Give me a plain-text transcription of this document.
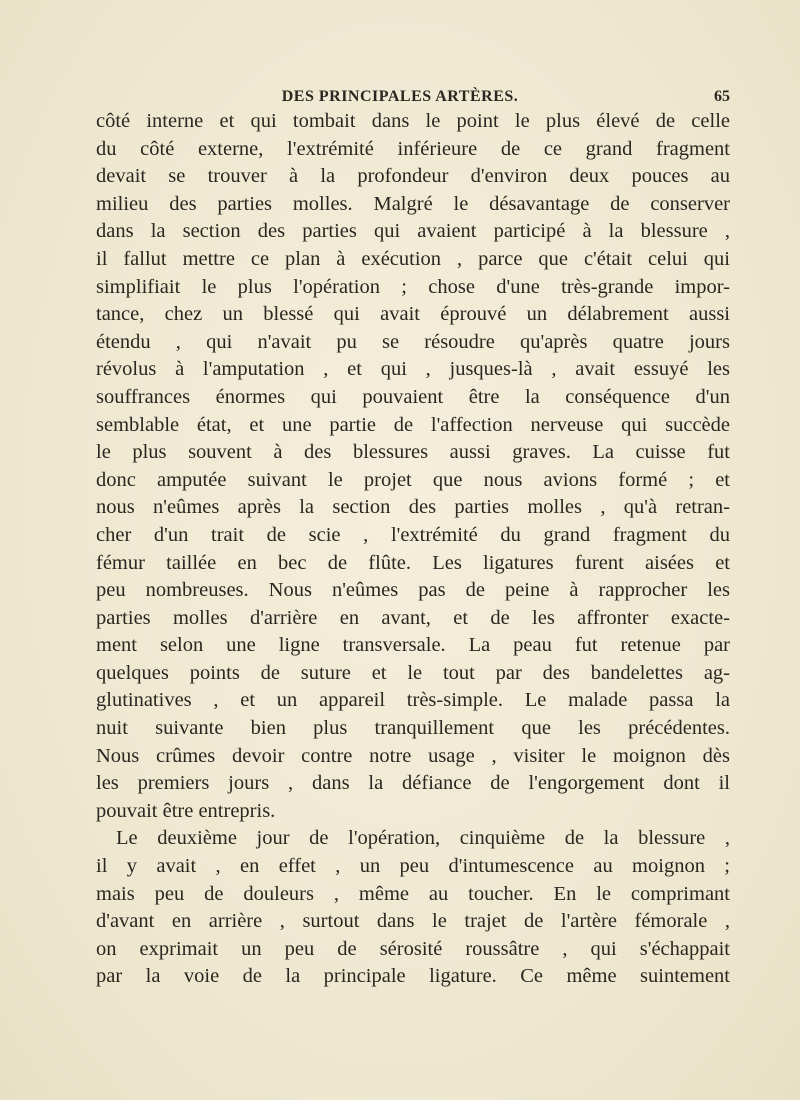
DES PRINCIPALES ARTÈRES.	65
côté interne et qui tombait dans le point le plus élevé de celle
du côté externe, l'extrémité inférieure de ce grand fragment
devait se trouver à la profondeur d'environ deux pouces au
milieu des parties molles. Malgré le désavantage de conserver
dans la section des parties qui avaient participé à la blessure ,
il fallut mettre ce plan à exécution , parce que c'était celui qui
simplifiait le plus l'opération ; chose d'une très-grande impor-
tance, chez un blessé qui avait éprouvé un délabrement aussi
étendu , qui n'avait pu se résoudre qu'après quatre jours
révolus à l'amputation , et qui , jusques-là , avait essuyé les
souffrances énormes qui pouvaient être la conséquence d'un
semblable état, et une partie de l'affection nerveuse qui succède
le plus souvent à des blessures aussi graves. La cuisse fut
donc amputée suivant le projet que nous avions formé ; et
nous n'eûmes après la section des parties molles , qu'à retran-
cher d'un trait de scie , l'extrémité du grand fragment du
fémur taillée en bec de flûte. Les ligatures furent aisées et
peu nombreuses. Nous n'eûmes pas de peine à rapprocher les
parties molles d'arrière en avant, et de les affronter exacte-
ment selon une ligne transversale. La peau fut retenue par
quelques points de suture et le tout par des bandelettes ag-
glutinatives , et un appareil très-simple. Le malade passa la
nuit suivante bien plus tranquillement que les précédentes.
Nous crûmes devoir contre notre usage , visiter le moignon dès
les premiers jours , dans la défiance de l'engorgement dont il
pouvait être entrepris.
Le deuxième jour de l'opération, cinquième de la blessure ,
il y avait , en effet , un peu d'intumescence au moignon ;
mais peu de douleurs , même au toucher. En le comprimant
d'avant en arrière , surtout dans le trajet de l'artère fémorale ,
on exprimait un peu de sérosité roussâtre , qui s'échappait
par la voie de la principale ligature. Ce même suintement
